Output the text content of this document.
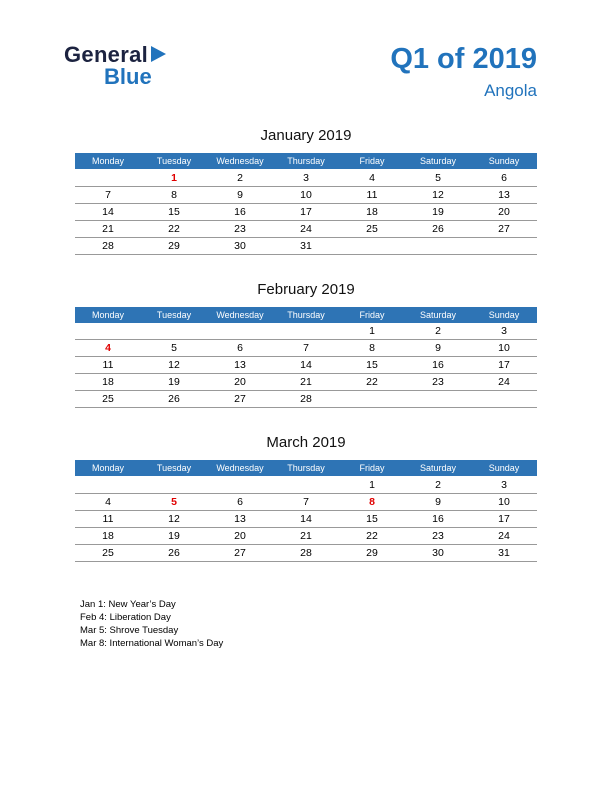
General
Blue
Q1 of 2019
Angola
January 2019
Monday	Tuesday	Wednesday	Thursday	Friday	Saturday	Sunday
	1	2	3	4	5	6
7	8	9	10	11	12	13
14	15	16	17	18	19	20
21	22	23	24	25	26	27
28	29	30	31			
February 2019
Monday	Tuesday	Wednesday	Thursday	Friday	Saturday	Sunday
				1	2	3
4	5	6	7	8	9	10
11	12	13	14	15	16	17
18	19	20	21	22	23	24
25	26	27	28			
March 2019
Monday	Tuesday	Wednesday	Thursday	Friday	Saturday	Sunday
				1	2	3
4	5	6	7	8	9	10
11	12	13	14	15	16	17
18	19	20	21	22	23	24
25	26	27	28	29	30	31
Jan 1: New Year’s Day
Feb 4: Liberation Day
Mar 5: Shrove Tuesday
Mar 8: International Woman’s Day
